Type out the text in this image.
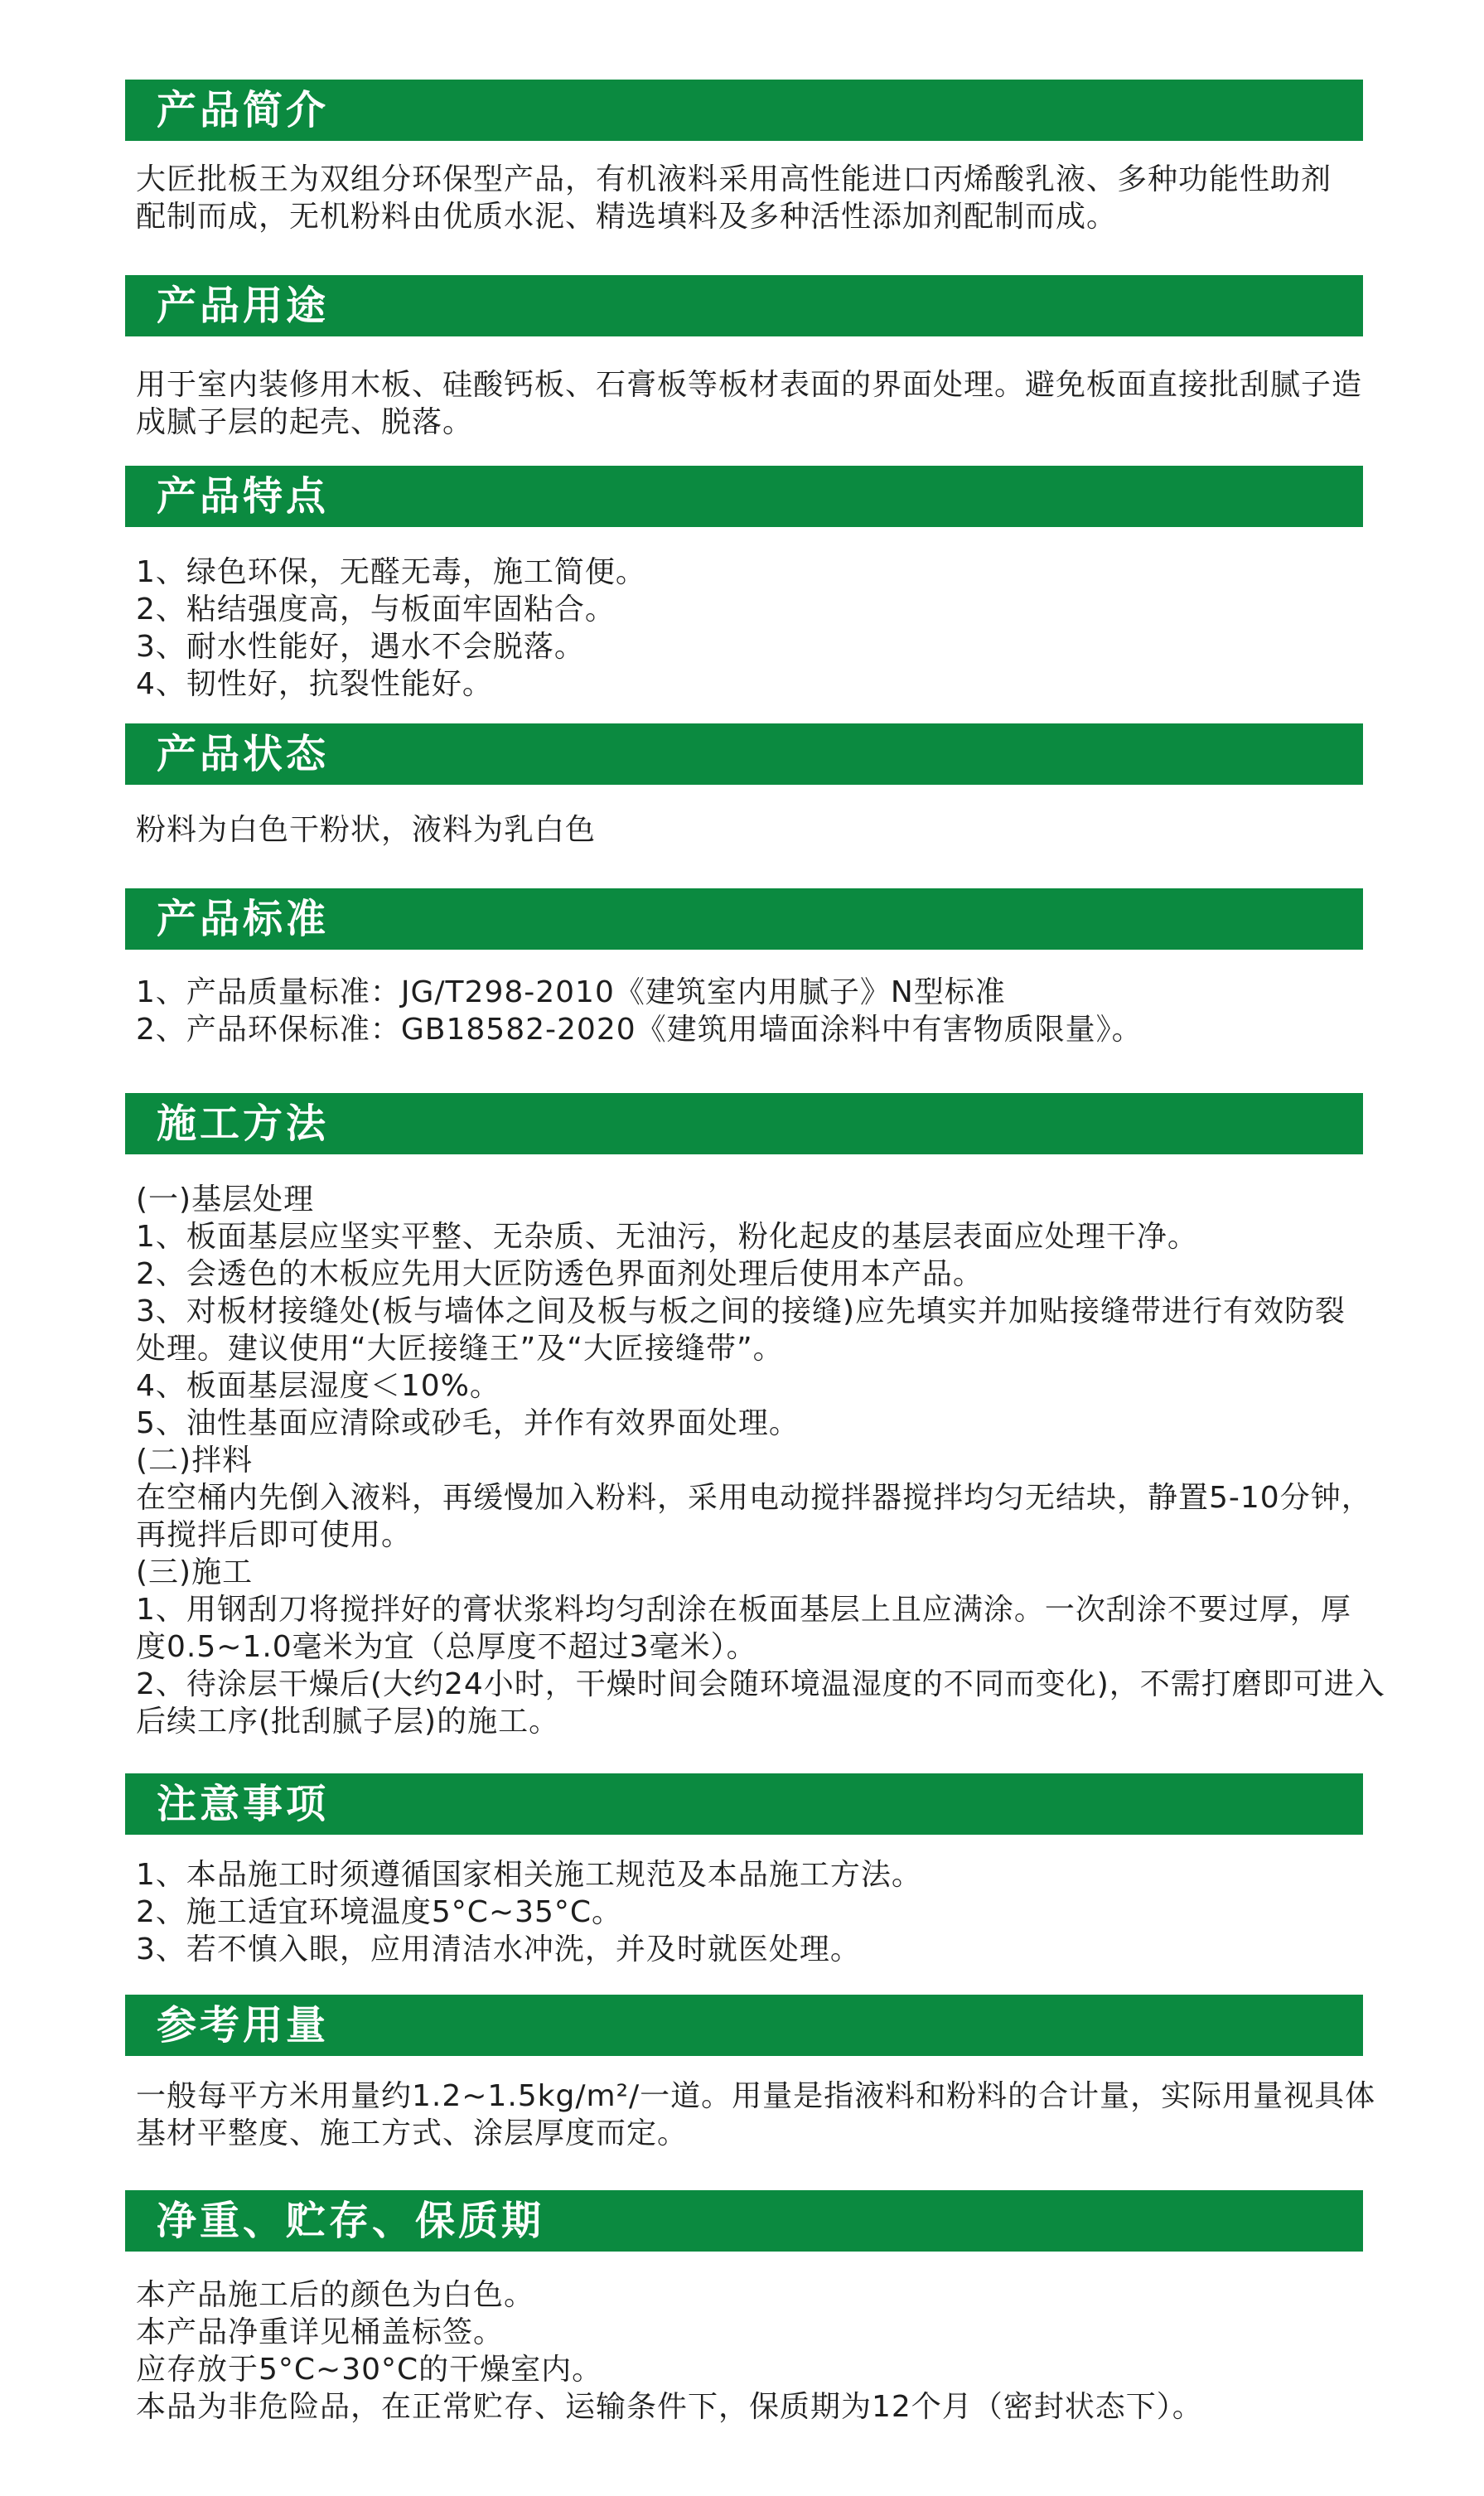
产品简介
大匠批板王为双组分环保型产品，有机液料采用高性能进口丙烯酸乳液、多种功能性助剂
配制而成，无机粉料由优质水泥、精选填料及多种活性添加剂配制而成。
产品用途
用于室内装修用木板、硅酸钙板、石膏板等板材表面的界面处理。避免板面直接批刮腻子造
成腻子层的起壳、脱落。
产品特点
1、绿色环保，无醛无毒，施工简便。
2、粘结强度高，与板面牢固粘合。
3、耐水性能好，遇水不会脱落。
4、韧性好，抗裂性能好。
产品状态
粉料为白色干粉状，液料为乳白色
产品标准
1、产品质量标准：JG/T298-2010《建筑室内用腻子》N型标准
2、产品环保标准：GB18582-2020《建筑用墙面涂料中有害物质限量》。
施工方法
(一)基层处理
1、板面基层应坚实平整、无杂质、无油污，粉化起皮的基层表面应处理干净。
2、会透色的木板应先用大匠防透色界面剂处理后使用本产品。
3、对板材接缝处(板与墙体之间及板与板之间的接缝)应先填实并加贴接缝带进行有效防裂
处理。建议使用“大匠接缝王”及“大匠接缝带”。
4、板面基层湿度＜10%。
5、油性基面应清除或砂毛，并作有效界面处理。
(二)拌料
在空桶内先倒入液料，再缓慢加入粉料，采用电动搅拌器搅拌均匀无结块，静置5-10分钟，
再搅拌后即可使用。
(三)施工
1、用钢刮刀将搅拌好的膏状浆料均匀刮涂在板面基层上且应满涂。一次刮涂不要过厚，厚
度0.5~1.0毫米为宜（总厚度不超过3毫米）。
2、待涂层干燥后(大约24小时，干燥时间会随环境温湿度的不同而变化)，不需打磨即可进入
后续工序(批刮腻子层)的施工。
注意事项
1、本品施工时须遵循国家相关施工规范及本品施工方法。
2、施工适宜环境温度5°C~35°C。
3、若不慎入眼，应用清洁水冲洗，并及时就医处理。
参考用量
一般每平方米用量约1.2~1.5kg/m²/一道。用量是指液料和粉料的合计量，实际用量视具体
基材平整度、施工方式、涂层厚度而定。
净重、贮存、保质期
本产品施工后的颜色为白色。
本产品净重详见桶盖标签。
应存放于5°C~30°C的干燥室内。
本品为非危险品，在正常贮存、运输条件下，保质期为12个月（密封状态下）。
